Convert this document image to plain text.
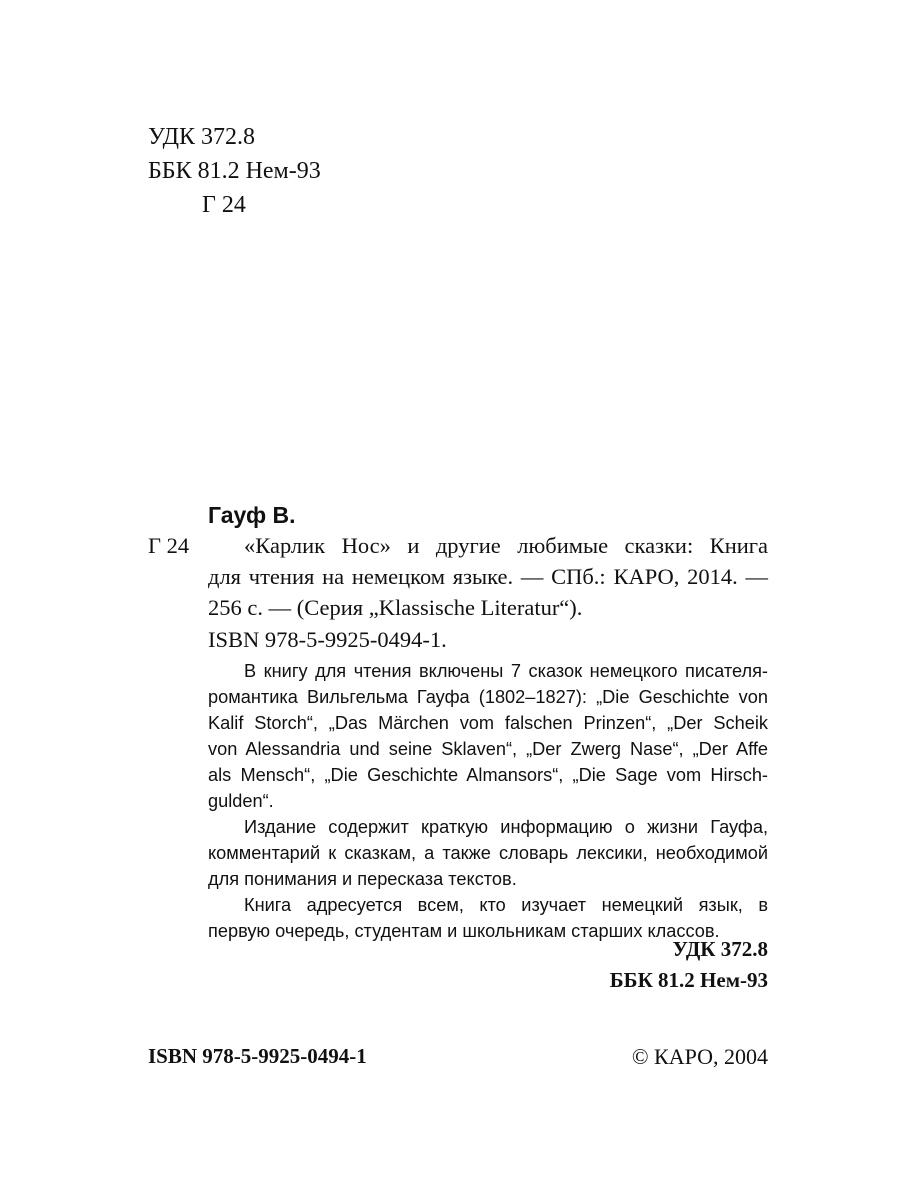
УДК 372.8
ББК 81.2 Нем-93
Г 24
Гауф В.
Г 24	«Карлик Нос» и другие любимые сказки: Книга
для чтения на немецком языке. — СПб.: КАРО, 2014. —
256 с. — (Серия „Klassische Literatur“).
ISBN 978-5-9925-0494-1.
В книгу для чтения включены 7 сказок немецкого писателя-
романтика Вильгельма Гауфа (1802–1827): „Die Geschichte von
Kalif Storch“, „Das Märchen vom falschen Prinzen“, „Der Scheik
von Alessandria und seine Sklaven“, „Der Zwerg Nase“, „Der Affe
als Mensch“, „Die Geschichte Almansors“, „Die Sage vom Hirsch-
gulden“.
Издание содержит краткую информацию о жизни Гауфа,
комментарий к сказкам, а также словарь лексики, необходимой
для понимания и пересказа текстов.
Книга адресуется всем, кто изучает немецкий язык, в
первую очередь, студентам и школьникам старших классов.
УДК 372.8
ББК 81.2 Нем-93
ISBN 978-5-9925-0494-1	© КАРО, 2004
